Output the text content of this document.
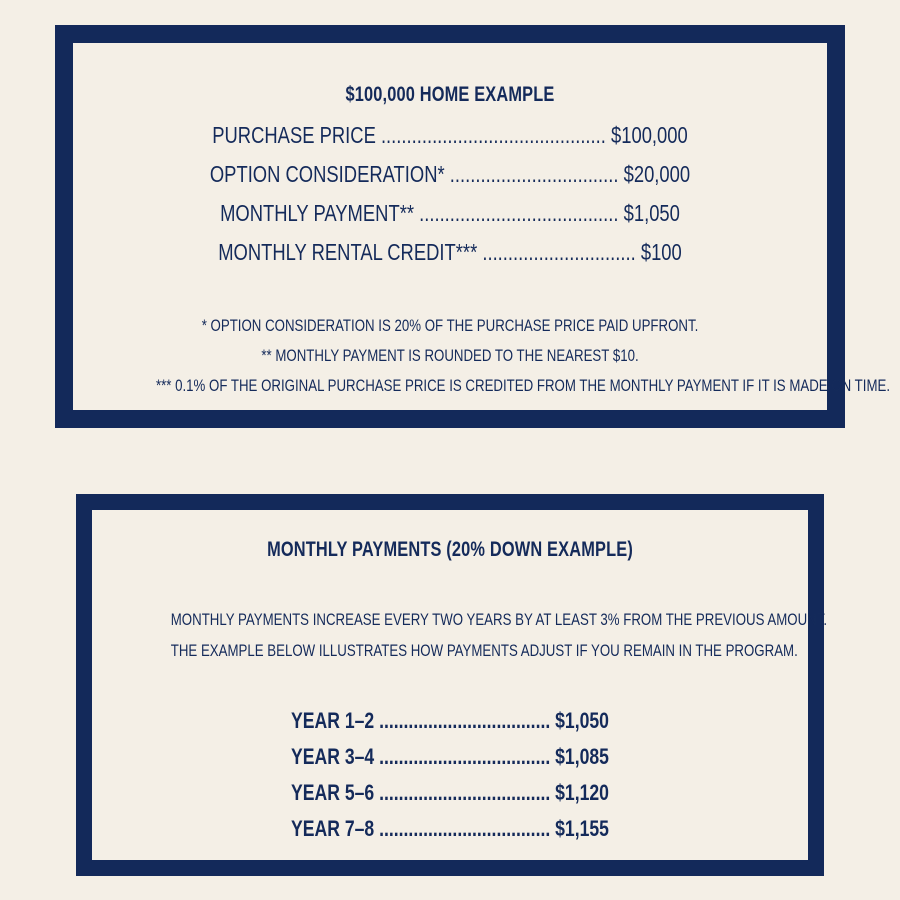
$100,000 HOME EXAMPLE
PURCHASE PRICE ............................................ $100,000
OPTION CONSIDERATION* ................................. $20,000
MONTHLY PAYMENT** ....................................... $1,050
MONTHLY RENTAL CREDIT*** .............................. $100
* OPTION CONSIDERATION IS 20% OF THE PURCHASE PRICE PAID UPFRONT.
** MONTHLY PAYMENT IS ROUNDED TO THE NEAREST $10.
*** 0.1% OF THE ORIGINAL PURCHASE PRICE IS CREDITED FROM THE MONTHLY PAYMENT IF IT IS MADE ON TIME.
MONTHLY PAYMENTS (20% DOWN EXAMPLE)
MONTHLY PAYMENTS INCREASE EVERY TWO YEARS BY AT LEAST 3% FROM THE PREVIOUS AMOUNT.
THE EXAMPLE BELOW ILLUSTRATES HOW PAYMENTS ADJUST IF YOU REMAIN IN THE PROGRAM.
YEAR 1–2 ................................... $1,050
YEAR 3–4 ................................... $1,085
YEAR 5–6 ................................... $1,120
YEAR 7–8 ................................... $1,155
